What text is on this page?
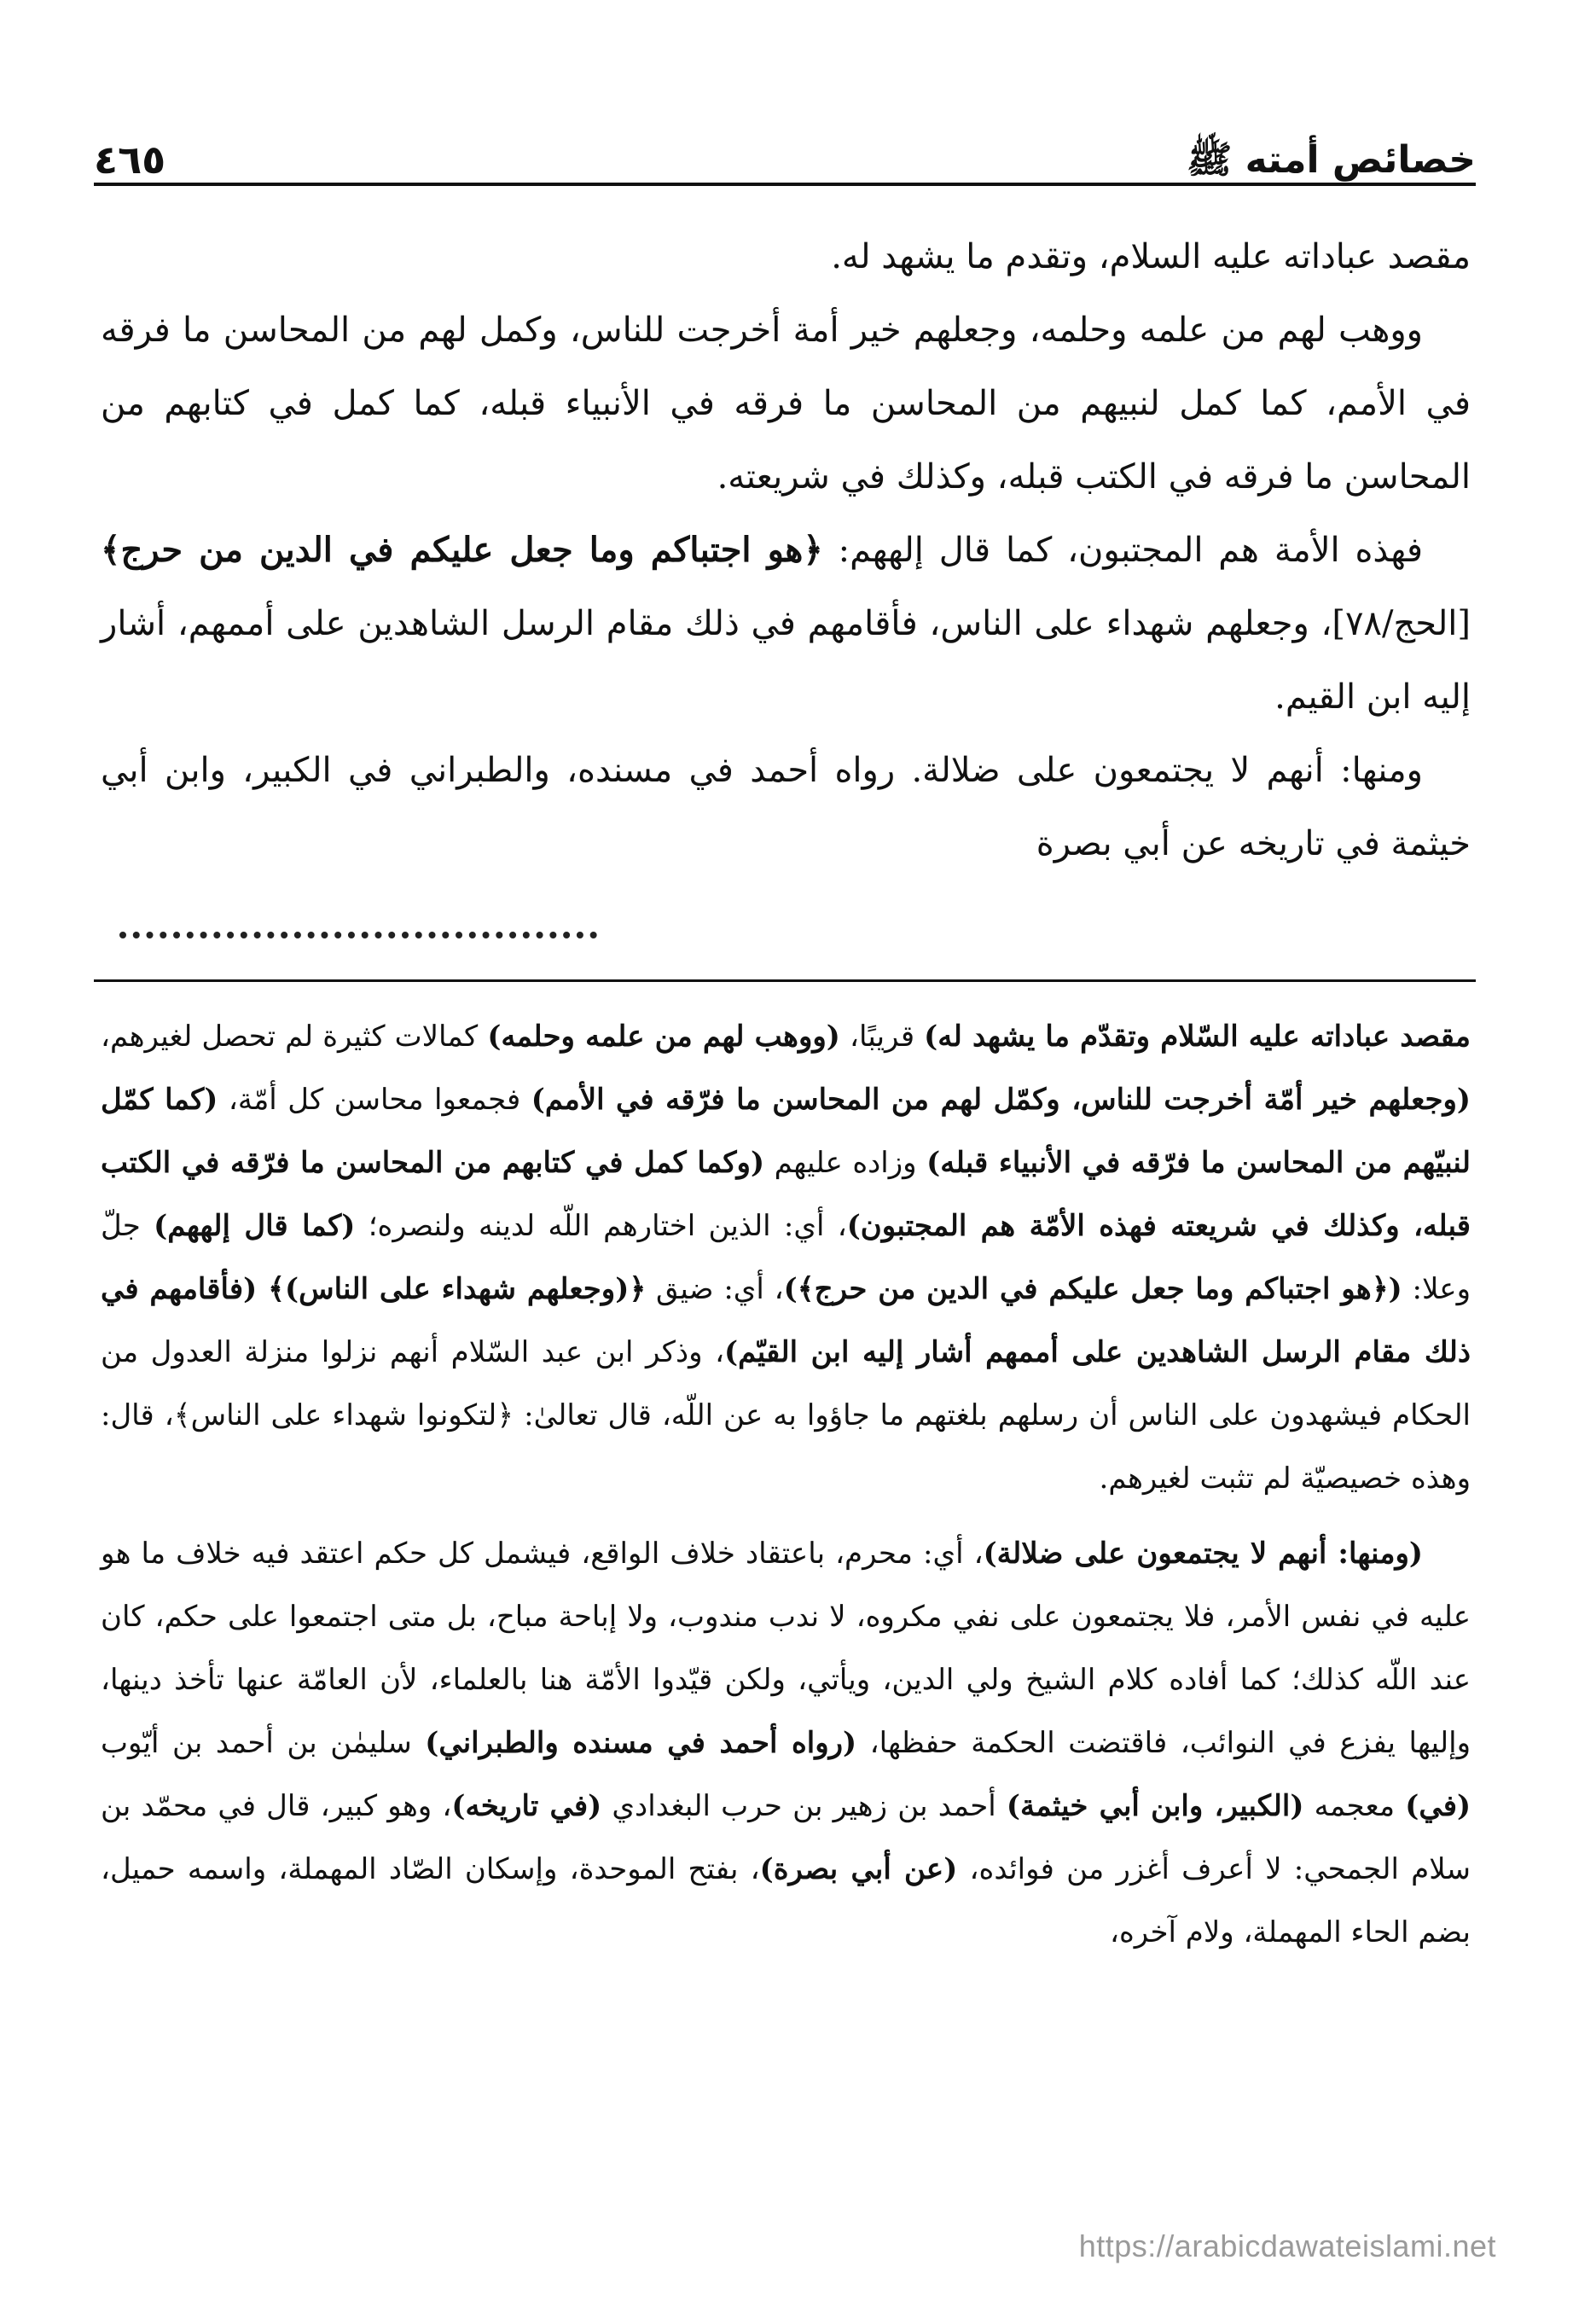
خصائص أمته ﷺ
٤٦٥

مقصد عباداته عليه السلام، وتقدم ما يشهد له.

ووهب لهم من علمه وحلمه، وجعلهم خير أمة أخرجت للناس، وكمل لهم من المحاسن ما فرقه في الأمم، كما كمل لنبيهم من المحاسن ما فرقه في الأنبياء قبله، كما كمل في كتابهم من المحاسن ما فرقه في الكتب قبله، وكذلك في شريعته.

فهذه الأمة هم المجتبون، كما قال إلههم: ﴿هو اجتباكم وما جعل عليكم في الدين من حرج﴾ [الحج/٧٨]، وجعلهم شهداء على الناس، فأقامهم في ذلك مقام الرسل الشاهدين على أممهم، أشار إليه ابن القيم.

ومنها: أنهم لا يجتمعون على ضلالة. رواه أحمد في مسنده، والطبراني في الكبير، وابن أبي خيثمة في تاريخه عن أبي بصرة

مقصد عباداته عليه السّلام وتقدّم ما يشهد له) قريبًا، (ووهب لهم من علمه وحلمه) كمالات كثيرة لم تحصل لغيرهم، (وجعلهم خير أمّة أخرجت للناس، وكمّل لهم من المحاسن ما فرّقه في الأمم) فجمعوا محاسن كل أمّة، (كما كمّل لنبيّهم من المحاسن ما فرّقه في الأنبياء قبله) وزاده عليهم (وكما كمل في كتابهم من المحاسن ما فرّقه في الكتب قبله، وكذلك في شريعته فهذه الأمّة هم المجتبون)، أي: الذين اختارهم اللّه لدينه ولنصره؛ (كما قال إلههم) جلّ وعلا: (﴿هو اجتباكم وما جعل عليكم في الدين من حرج﴾)، أي: ضيق ﴿(وجعلهم شهداء على الناس)﴾ (فأقامهم في ذلك مقام الرسل الشاهدين على أممهم أشار إليه ابن القيّم)، وذكر ابن عبد السّلام أنهم نزلوا منزلة العدول من الحكام فيشهدون على الناس أن رسلهم بلغتهم ما جاؤوا به عن اللّه، قال تعالىٰ: ﴿لتكونوا شهداء على الناس﴾، قال: وهذه خصيصيّة لم تثبت لغيرهم.

(ومنها: أنهم لا يجتمعون على ضلالة)، أي: محرم، باعتقاد خلاف الواقع، فيشمل كل حكم اعتقد فيه خلاف ما هو عليه في نفس الأمر، فلا يجتمعون على نفي مكروه، لا ندب مندوب، ولا إباحة مباح، بل متى اجتمعوا على حكم، كان عند اللّه كذلك؛ كما أفاده كلام الشيخ ولي الدين، ويأتي، ولكن قيّدوا الأمّة هنا بالعلماء، لأن العامّة عنها تأخذ دينها، وإليها يفزع في النوائب، فاقتضت الحكمة حفظها، (رواه أحمد في مسنده والطبراني) سليمٰن بن أحمد بن أيّوب (في) معجمه (الكبير، وابن أبي خيثمة) أحمد بن زهير بن حرب البغدادي (في تاريخه)، وهو كبير، قال في محمّد بن سلام الجمحي: لا أعرف أغزر من فوائده، (عن أبي بصرة)، بفتح الموحدة، وإسكان الصّاد المهملة، واسمه حميل، بضم الحاء المهملة، ولام آخره،

https://arabicdawateislami.net
